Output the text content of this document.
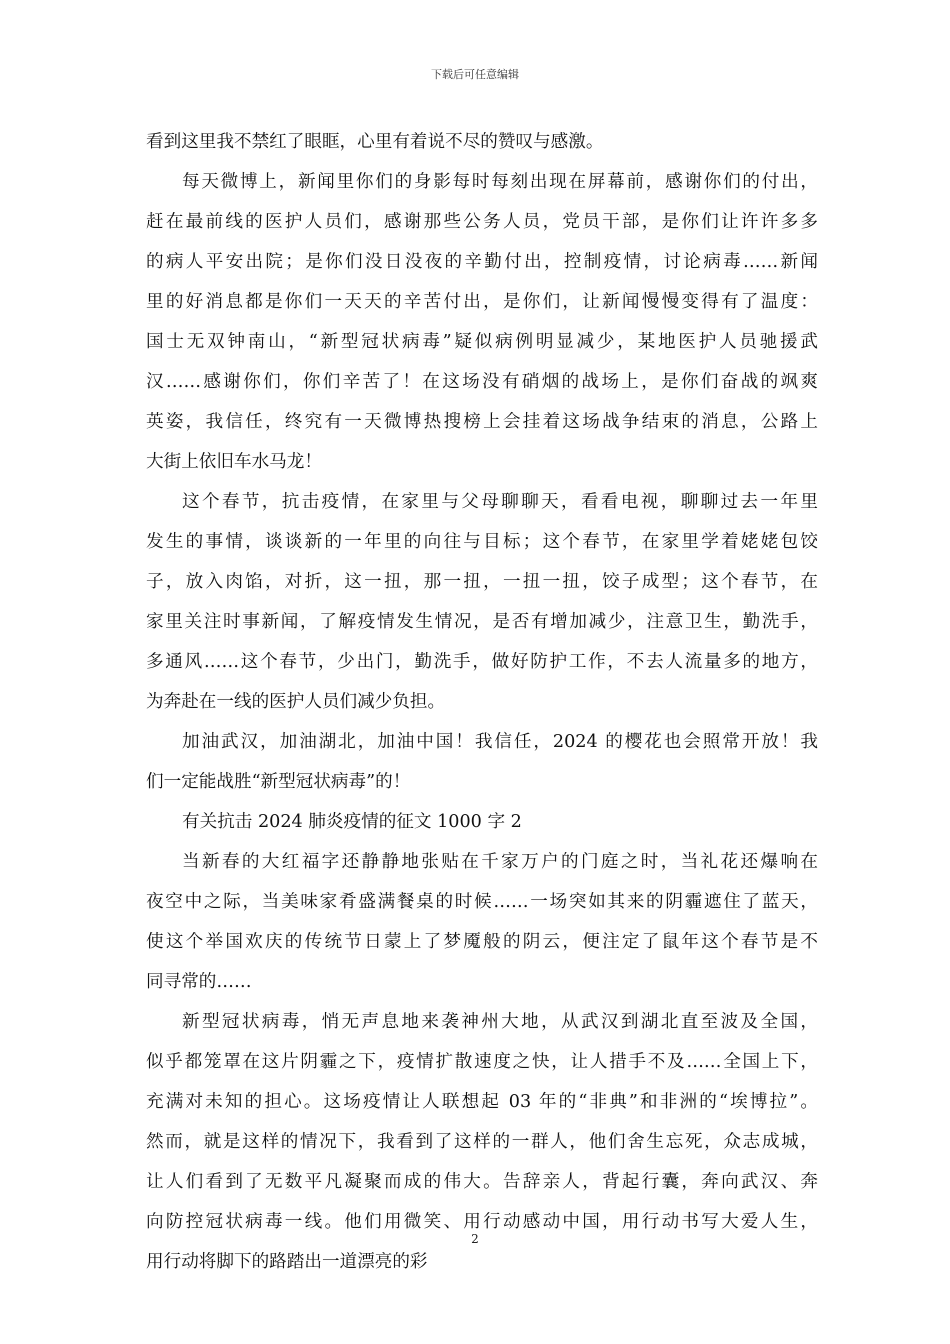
下载后可任意编辑
看到这里我不禁红了眼眶，心里有着说不尽的赞叹与感激。
每天微博上，新闻里你们的身影每时每刻出现在屏幕前，感谢你们的付出，
赶在最前线的医护人员们，感谢那些公务人员，党员干部，是你们让许许多多
的病人平安出院；是你们没日没夜的辛勤付出，控制疫情，讨论病毒……新闻
里的好消息都是你们一天天的辛苦付出，是你们，让新闻慢慢变得有了温度：
国士无双钟南山，“新型冠状病毒”疑似病例明显减少，某地医护人员驰援武
汉……感谢你们，你们辛苦了！在这场没有硝烟的战场上，是你们奋战的飒爽
英姿，我信任，终究有一天微博热搜榜上会挂着这场战争结束的消息，公路上
大街上依旧车水马龙！
这个春节，抗击疫情，在家里与父母聊聊天，看看电视，聊聊过去一年里
发生的事情，谈谈新的一年里的向往与目标；这个春节，在家里学着姥姥包饺
子，放入肉馅，对折，这一扭，那一扭，一扭一扭，饺子成型；这个春节，在
家里关注时事新闻，了解疫情发生情况，是否有增加减少，注意卫生，勤洗手，
多通风……这个春节，少出门，勤洗手，做好防护工作，不去人流量多的地方，
为奔赴在一线的医护人员们减少负担。
加油武汉，加油湖北，加油中国！我信任，2024 的樱花也会照常开放！我
们一定能战胜“新型冠状病毒”的！
有关抗击 2024 肺炎疫情的征文 1000 字 2
当新春的大红福字还静静地张贴在千家万户的门庭之时，当礼花还爆响在
夜空中之际，当美味家肴盛满餐桌的时候……一场突如其来的阴霾遮住了蓝天，
使这个举国欢庆的传统节日蒙上了梦魇般的阴云，便注定了鼠年这个春节是不
同寻常的……
新型冠状病毒，悄无声息地来袭神州大地，从武汉到湖北直至波及全国，
似乎都笼罩在这片阴霾之下，疫情扩散速度之快，让人措手不及……全国上下，
充满对未知的担心。这场疫情让人联想起 03 年的“非典”和非洲的“埃博拉”。
然而，就是这样的情况下，我看到了这样的一群人，他们舍生忘死，众志成城，
让人们看到了无数平凡凝聚而成的伟大。告辞亲人，背起行囊，奔向武汉、奔
向防控冠状病毒一线。他们用微笑、用行动感动中国，用行动书写大爱人生，
用行动将脚下的路踏出一道漂亮的彩
2
